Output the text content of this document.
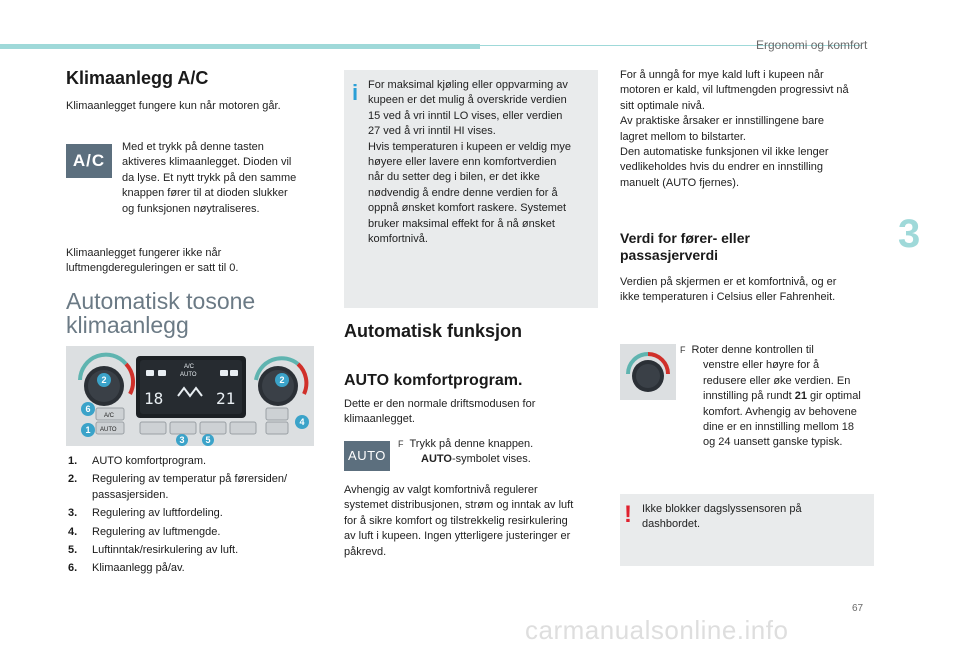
Ergonomi og komfort
3
Klimaanlegg A/C

Klimaanlegget fungere kun når motoren går.

A/C

Med et trykk på denne tasten

aktiveres klimaanlegget. Dioden vil

da lyse. Et nytt trykk på den samme

knappen fører til at dioden slukker

og funksjonen nøytraliseres.

Klimaanlegget fungerer ikke når

luftmengdereguleringen er satt til 0.

Automatisk tosone
klimaanlegg
A/C
AUTO
18	21
A/C
AUTO
2	2
6
1
3 5
4
1.	AUTO komfortprogram.
2.	Regulering av temperatur på førersiden/
passasjersiden.
3.	Regulering av luftfordeling.
4.	Regulering av luftmengde.
5.	Luftinntak/resirkulering av luft.
6.	Klimaanlegg på/av.
i For maksimal kjøling eller oppvarming av

kupeen er det mulig å overskride verdien

15 ved å vri inntil LO vises, eller verdien

27 ved å vri inntil HI vises.

Hvis temperaturen i kupeen er veldig mye

høyere eller lavere enn komfortverdien

når du setter deg i bilen, er det ikke

nødvendig å endre denne verdien for å

oppnå ønsket komfort raskere. Systemet

bruker maksimal effekt for å nå ønsket

komfortnivå.

Automatisk funksjon
AUTO komfortprogram.

Dette er den normale driftsmodusen for

klimaanlegget.

AUTO

F Trykk på denne knappen.

AUTO-symbolet vises.

Avhengig av valgt komfortnivå regulerer

systemet distribusjonen, strøm og inntak av luft

for å sikre komfort og tilstrekkelig resirkulering

av luft i kupeen. Ingen ytterligere justeringer er

påkrevd.

For å unngå for mye kald luft i kupeen når

motoren er kald, vil luftmengden progressivt nå

sitt optimale nivå.

Av praktiske årsaker er innstillingene bare

lagret mellom to bilstarter.

Den automatiske funksjonen vil ikke lenger

vedlikeholdes hvis du endrer en innstilling

manuelt (AUTO fjernes).

Verdi for fører- eller
passasjerverdi

Verdien på skjermen er et komfortnivå, og er

ikke temperaturen i Celsius eller Fahrenheit.

F Roter denne kontrollen til

venstre eller høyre for å

redusere eller øke verdien. En

innstilling på rundt 21 gir optimal

komfort. Avhengig av behovene

dine er en innstilling mellom 18

og 24 uansett ganske typisk.

! Ikke blokker dagslyssensoren på

dashbordet.

67
carmanualsonline.info
